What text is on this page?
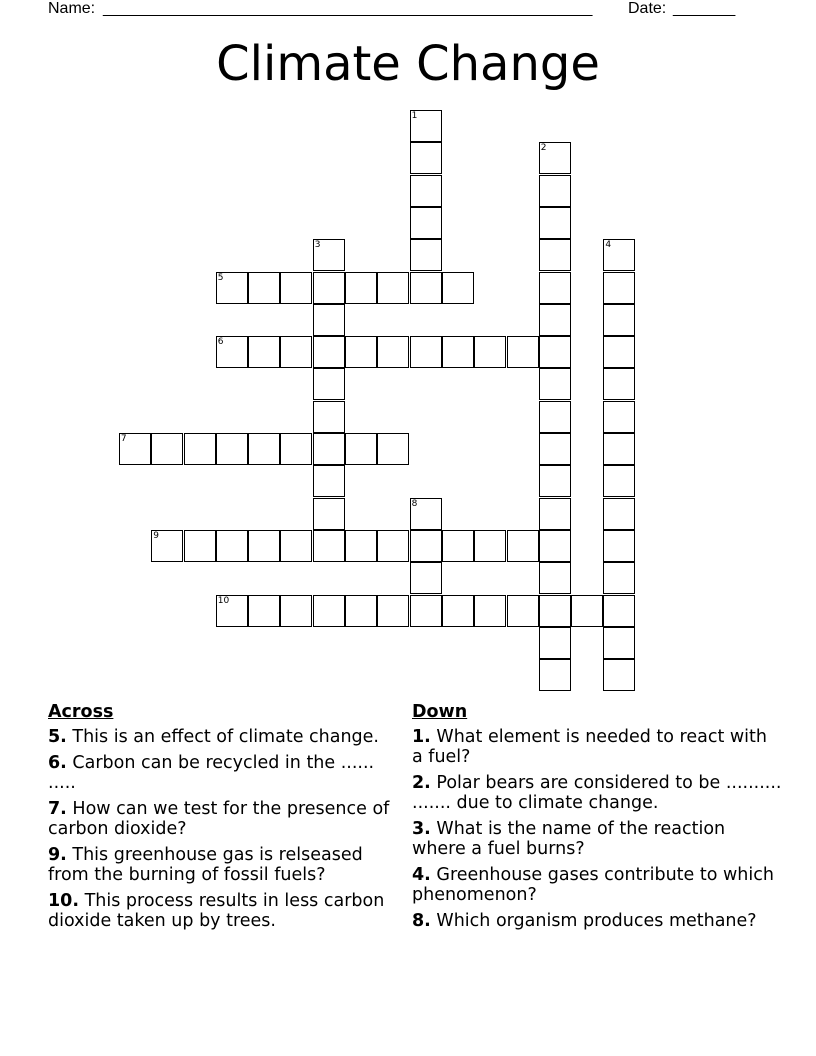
Name: _______________________________________________________ Date: _______
Climate Change
5
6
7
9
10
1
2
3	4
8
Across
5. This is an effect of climate change.
6. Carbon can be recycled in the ...... .....
7. How can we test for the presence of carbon dioxide?
9. This greenhouse gas is relseased from the burning of fossil fuels?
10. This process results in less carbon dioxide taken up by trees.
Down
1. What element is needed to react with a fuel?
2. Polar bears are considered to be .......... ....... due to climate change.
3. What is the name of the reaction where a fuel burns?
4. Greenhouse gases contribute to which phenomenon?
8. Which organism produces methane?
